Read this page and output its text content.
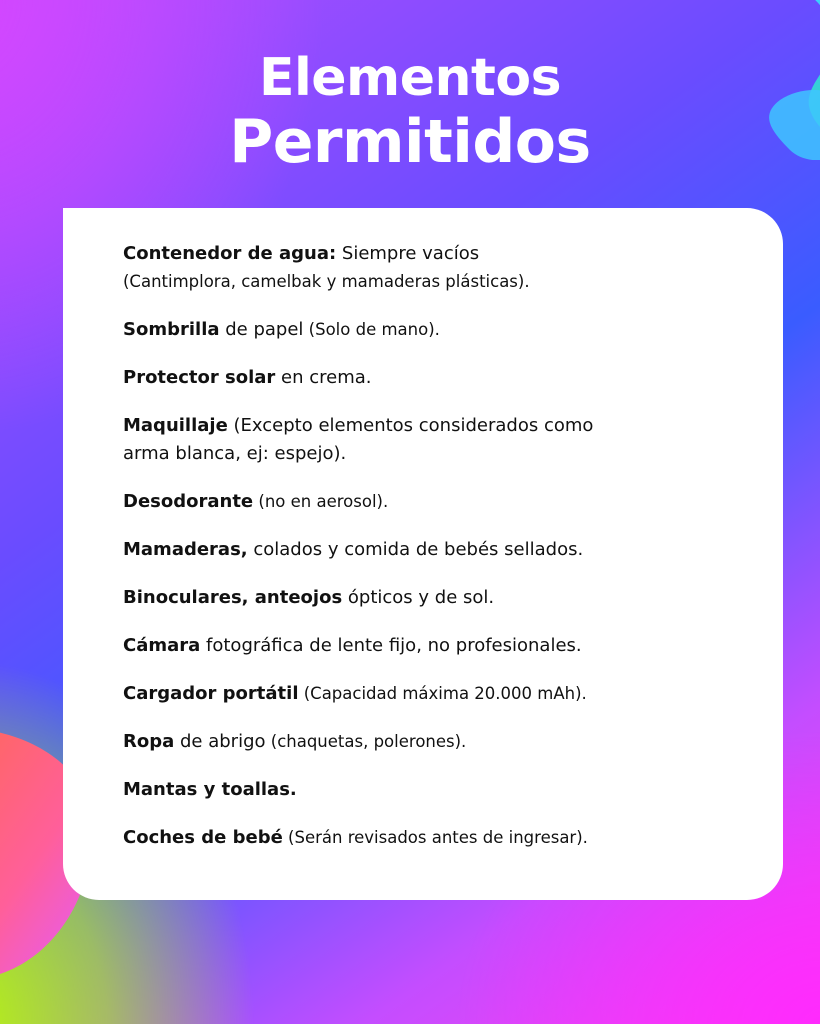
Elementos
Permitidos
Contenedor de agua: Siempre vacíos
(Cantimplora, camelbak y mamaderas plásticas).
Sombrilla de papel (Solo de mano).
Protector solar en crema.
Maquillaje (Excepto elementos considerados como
arma blanca, ej: espejo).
Desodorante (no en aerosol).
Mamaderas, colados y comida de bebés sellados.
Binoculares, anteojos ópticos y de sol.
Cámara fotográfica de lente fijo, no profesionales.
Cargador portátil (Capacidad máxima 20.000 mAh).
Ropa de abrigo (chaquetas, polerones).
Mantas y toallas.
Coches de bebé (Serán revisados antes de ingresar).
